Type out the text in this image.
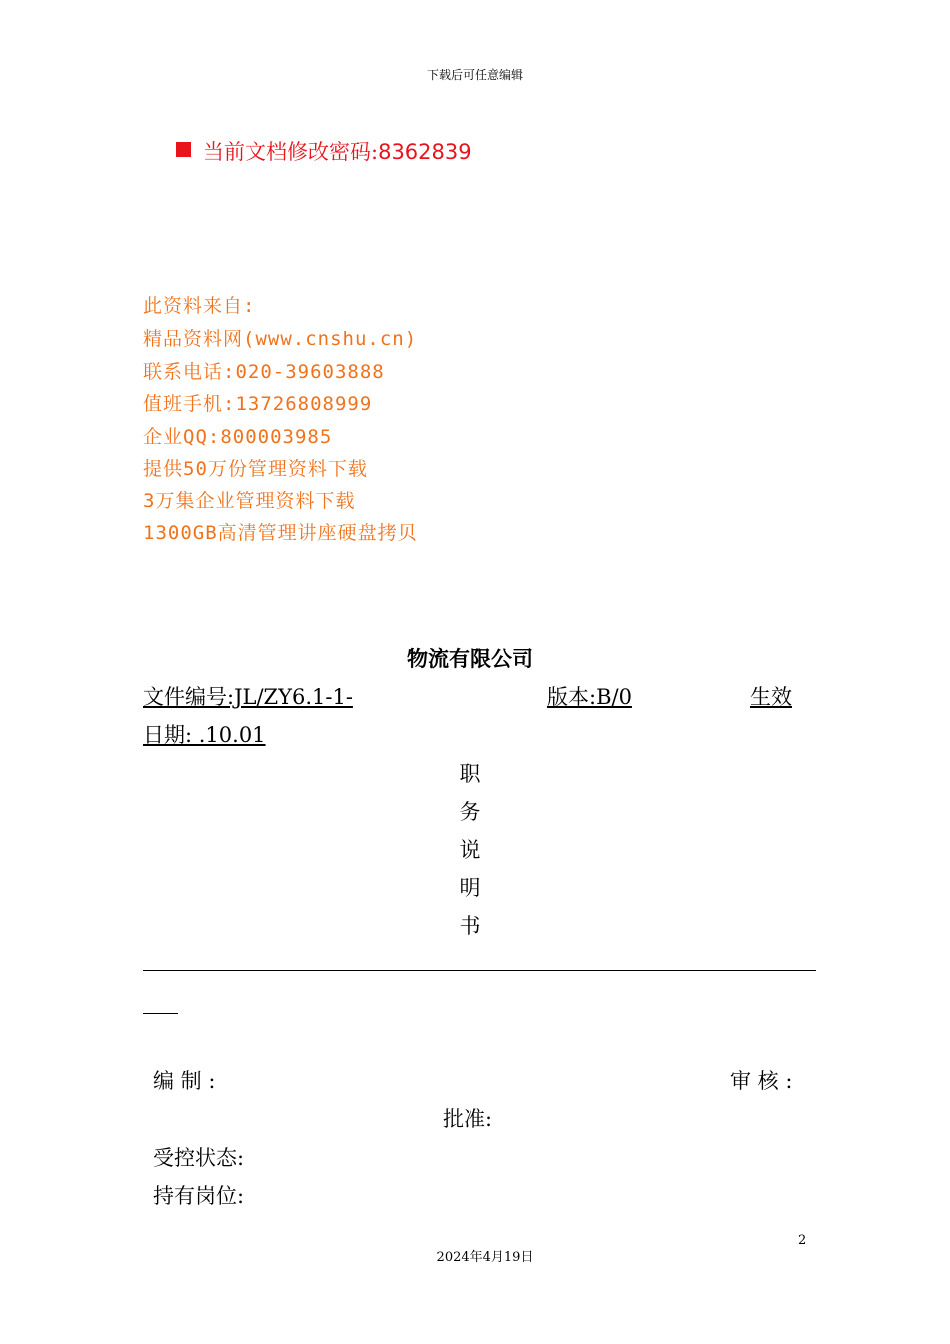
下载后可任意编辑
当前文档修改密码:8362839
此资料来自:
精品资料网(www.cnshu.cn)
联系电话:020-39603888
值班手机:13726808999
企业QQ:800003985
提供50万份管理资料下载
3万集企业管理资料下载
1300GB高清管理讲座硬盘拷贝
物流有限公司
文件编号:JL/ZY6.1-1-	版本:B/0	生效
日期: .10.01
职
务
说
明
书
编 制 :	审 核 :
批准:
受控状态:
持有岗位:
2
2024年4月19日
